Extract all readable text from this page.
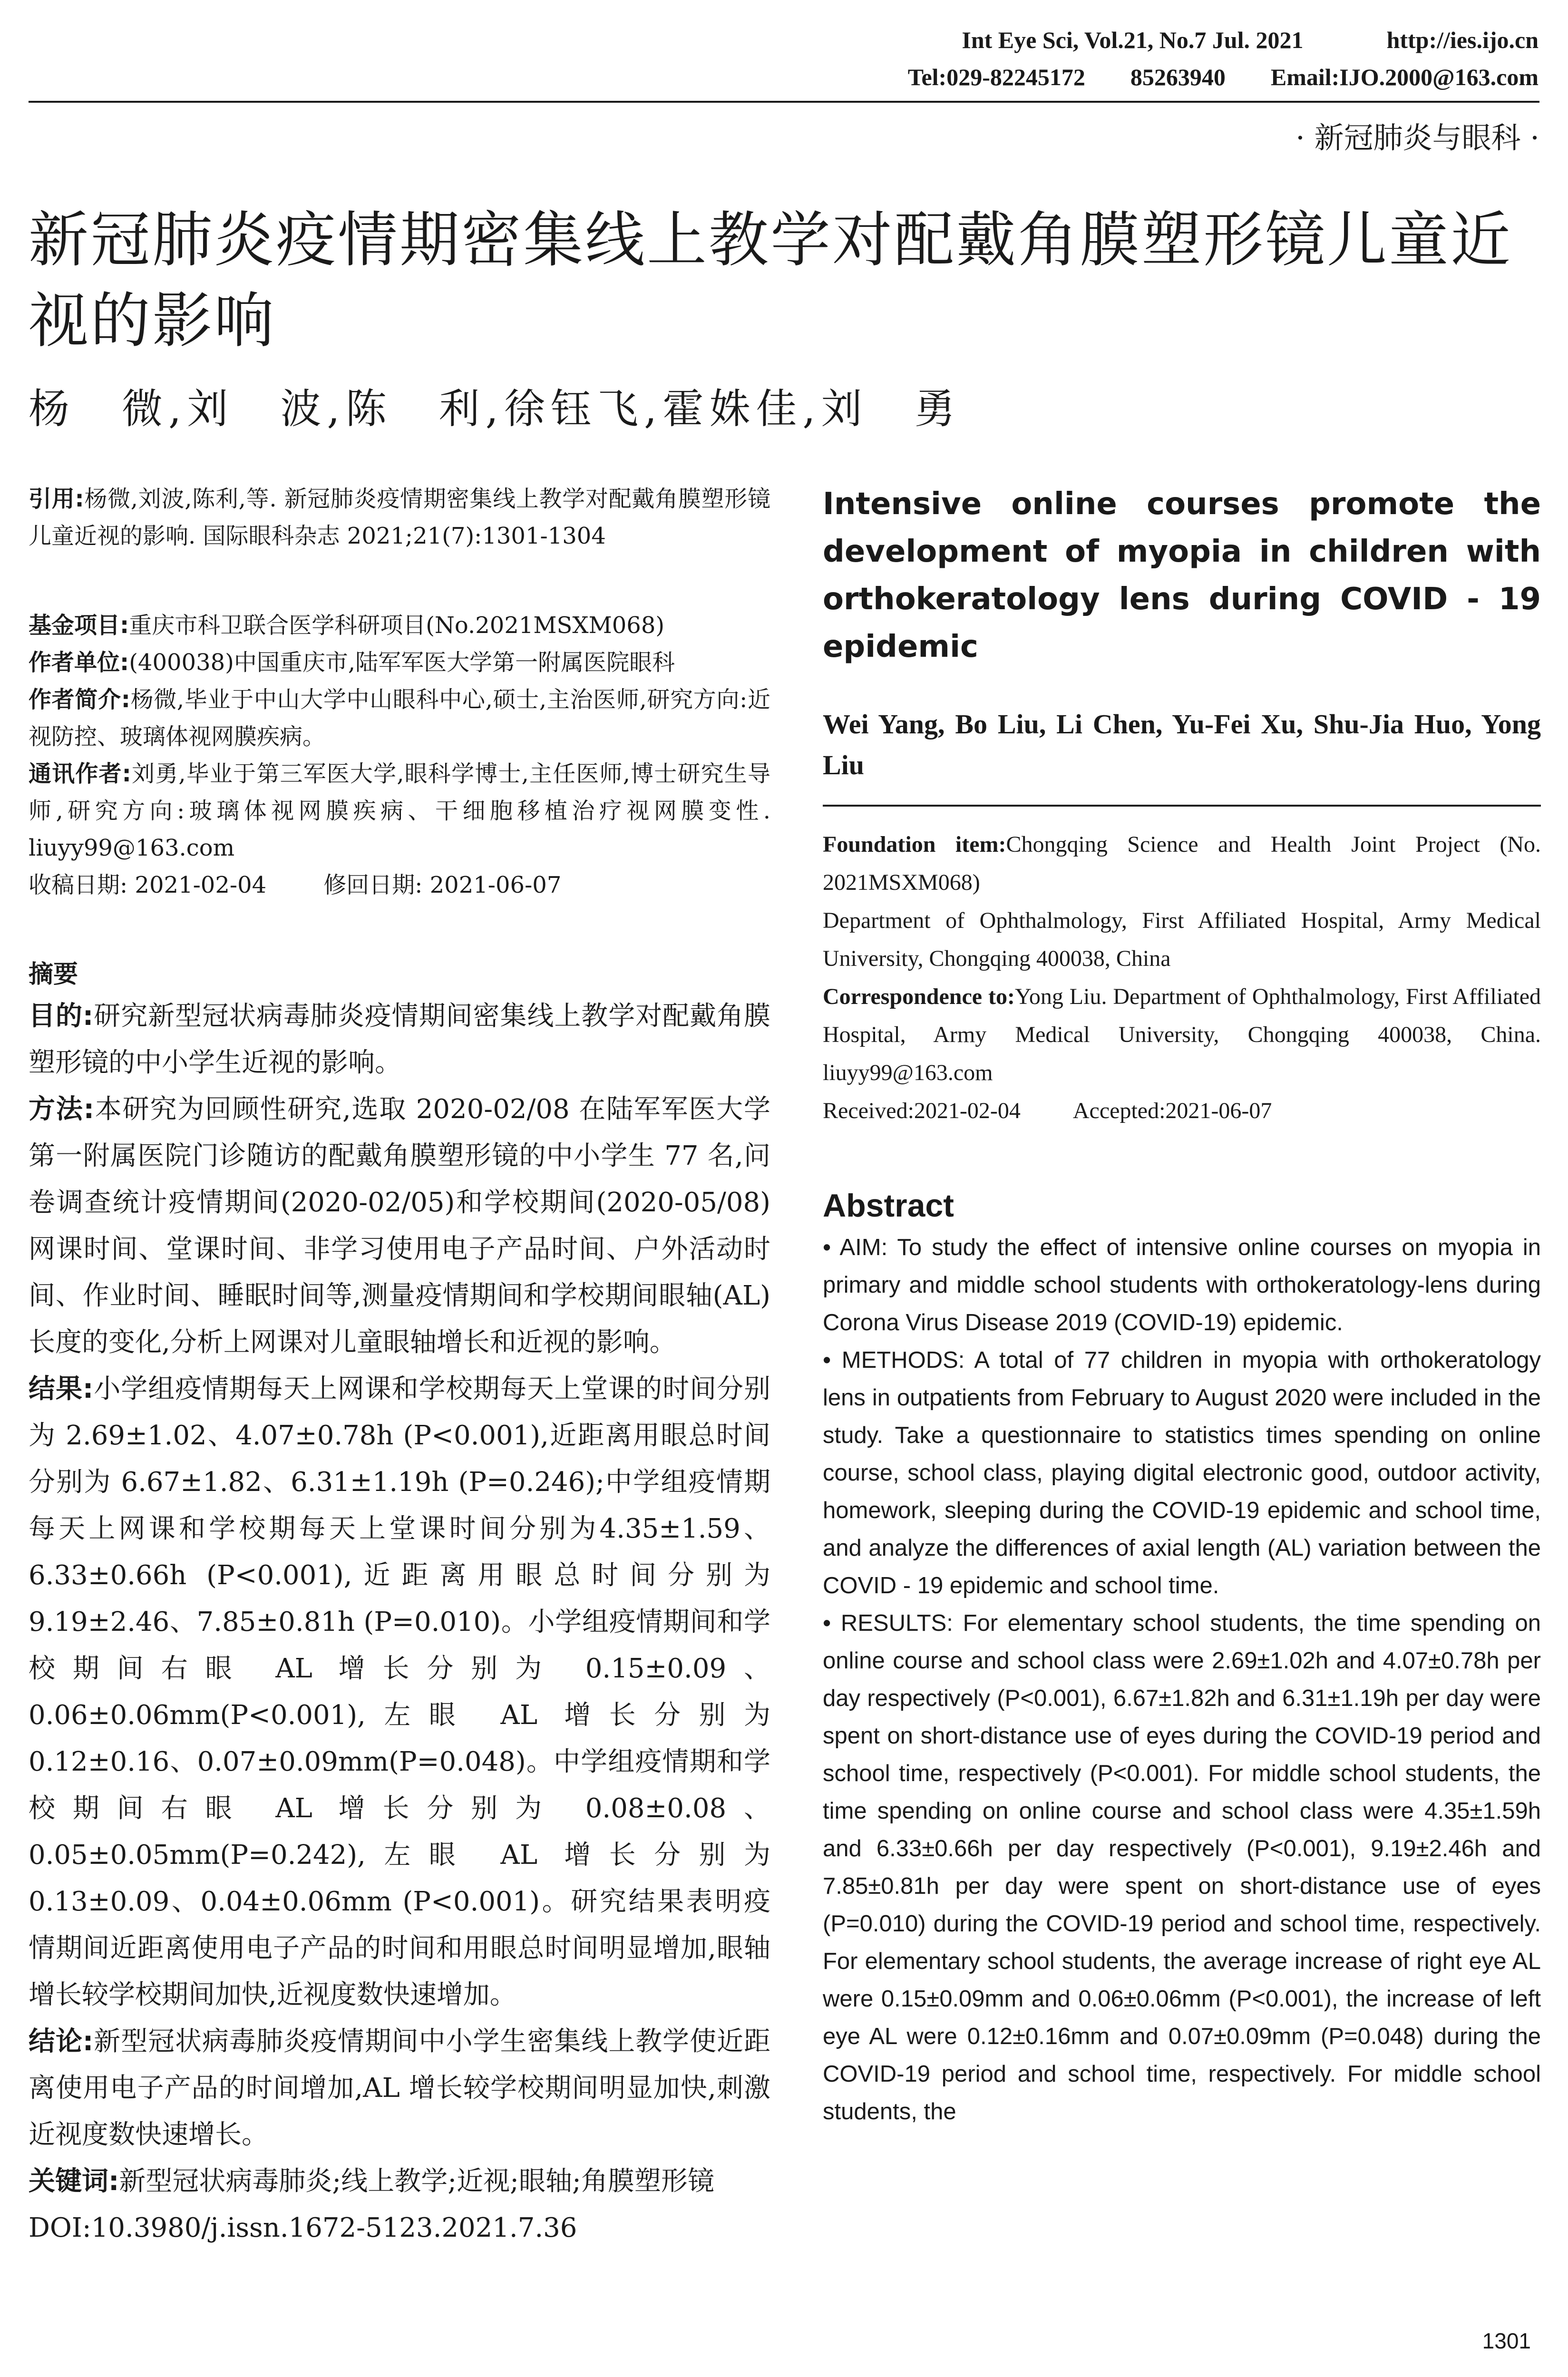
Int Eye Sci, Vol.21, No.7 Jul. 2021	http://ies.ijo.cn
Tel:029-82245172 85263940 Email:IJO.2000@163.com
· 新冠肺炎与眼科 ·
新冠肺炎疫情期密集线上教学对配戴角膜塑形镜儿童近视的影响
杨　微,刘　波,陈　利,徐钰飞,霍姝佳,刘　勇

引用:杨微,刘波,陈利,等. 新冠肺炎疫情期密集线上教学对配戴角膜塑形镜儿童近视的影响. 国际眼科杂志 2021;21(7):1301-1304

基金项目:重庆市科卫联合医学科研项目(No.2021MSXM068)

作者单位:(400038)中国重庆市,陆军军医大学第一附属医院眼科

作者简介:杨微,毕业于中山大学中山眼科中心,硕士,主治医师,研究方向:近视防控、玻璃体视网膜疾病。

通讯作者:刘勇,毕业于第三军医大学,眼科学博士,主任医师,博士研究生导师,研究方向:玻璃体视网膜疾病、干细胞移植治疗视网膜变性. liuyy99@163.com

收稿日期: 2021-02-04	修回日期: 2021-06-07

摘要

目的:研究新型冠状病毒肺炎疫情期间密集线上教学对配戴角膜塑形镜的中小学生近视的影响。

方法:本研究为回顾性研究,选取 2020-02/08 在陆军军医大学第一附属医院门诊随访的配戴角膜塑形镜的中小学生 77 名,问卷调查统计疫情期间(2020-02/05)和学校期间(2020-05/08)网课时间、堂课时间、非学习使用电子产品时间、户外活动时间、作业时间、睡眠时间等,测量疫情期间和学校期间眼轴(AL)长度的变化,分析上网课对儿童眼轴增长和近视的影响。

结果:小学组疫情期每天上网课和学校期每天上堂课的时间分别为 2.69±1.02、4.07±0.78h (P<0.001),近距离用眼总时间分别为 6.67±1.82、6.31±1.19h (P=0.246);中学组疫情期每天上网课和学校期每天上堂课时间分别为4.35±1.59、6.33±0.66h (P<0.001),近距离用眼总时间分别为 9.19±2.46、7.85±0.81h (P=0.010)。小学组疫情期间和学校期间右眼 AL 增长分别为 0.15±0.09、0.06±0.06mm(P<0.001),左眼 AL 增长分别为 0.12±0.16、0.07±0.09mm(P=0.048)。中学组疫情期和学校期间右眼 AL 增长分别为 0.08±0.08、0.05±0.05mm(P=0.242),左眼 AL 增长分别为 0.13±0.09、0.04±0.06mm (P<0.001)。研究结果表明疫情期间近距离使用电子产品的时间和用眼总时间明显增加,眼轴增长较学校期间加快,近视度数快速增加。

结论:新型冠状病毒肺炎疫情期间中小学生密集线上教学使近距离使用电子产品的时间增加,AL 增长较学校期间明显加快,刺激近视度数快速增长。

关键词:新型冠状病毒肺炎;线上教学;近视;眼轴;角膜塑形镜

DOI:10.3980/j.issn.1672-5123.2021.7.36

Intensive online courses promote the development of myopia in children with orthokeratology lens during COVID - 19 epidemic

Wei Yang, Bo Liu, Li Chen, Yu-Fei Xu, Shu-Jia Huo, Yong Liu

Foundation item:Chongqing Science and Health Joint Project (No. 2021MSXM068)

Department of Ophthalmology, First Affiliated Hospital, Army Medical University, Chongqing 400038, China

Correspondence to:Yong Liu. Department of Ophthalmology, First Affiliated Hospital, Army Medical University, Chongqing 400038, China. liuyy99@163.com

Received:2021-02-04 Accepted:2021-06-07

Abstract

• AIM: To study the effect of intensive online courses on myopia in primary and middle school students with orthokeratology-lens during Corona Virus Disease 2019 (COVID-19) epidemic.

• METHODS: A total of 77 children in myopia with orthokeratology lens in outpatients from February to August 2020 were included in the study. Take a questionnaire to statistics times spending on online course, school class, playing digital electronic good, outdoor activity, homework, sleeping during the COVID-19 epidemic and school time, and analyze the differences of axial length (AL) variation between the COVID - 19 epidemic and school time.

• RESULTS: For elementary school students, the time spending on online course and school class were 2.69±1.02h and 4.07±0.78h per day respectively (P<0.001), 6.67±1.82h and 6.31±1.19h per day were spent on short-distance use of eyes during the COVID-19 period and school time, respectively (P<0.001). For middle school students, the time spending on online course and school class were 4.35±1.59h and 6.33±0.66h per day respectively (P<0.001), 9.19±2.46h and 7.85±0.81h per day were spent on short-distance use of eyes (P=0.010) during the COVID-19 period and school time, respectively. For elementary school students, the average increase of right eye AL were 0.15±0.09mm and 0.06±0.06mm (P<0.001), the increase of left eye AL were 0.12±0.16mm and 0.07±0.09mm (P=0.048) during the COVID-19 period and school time, respectively. For middle school students, the

1301
